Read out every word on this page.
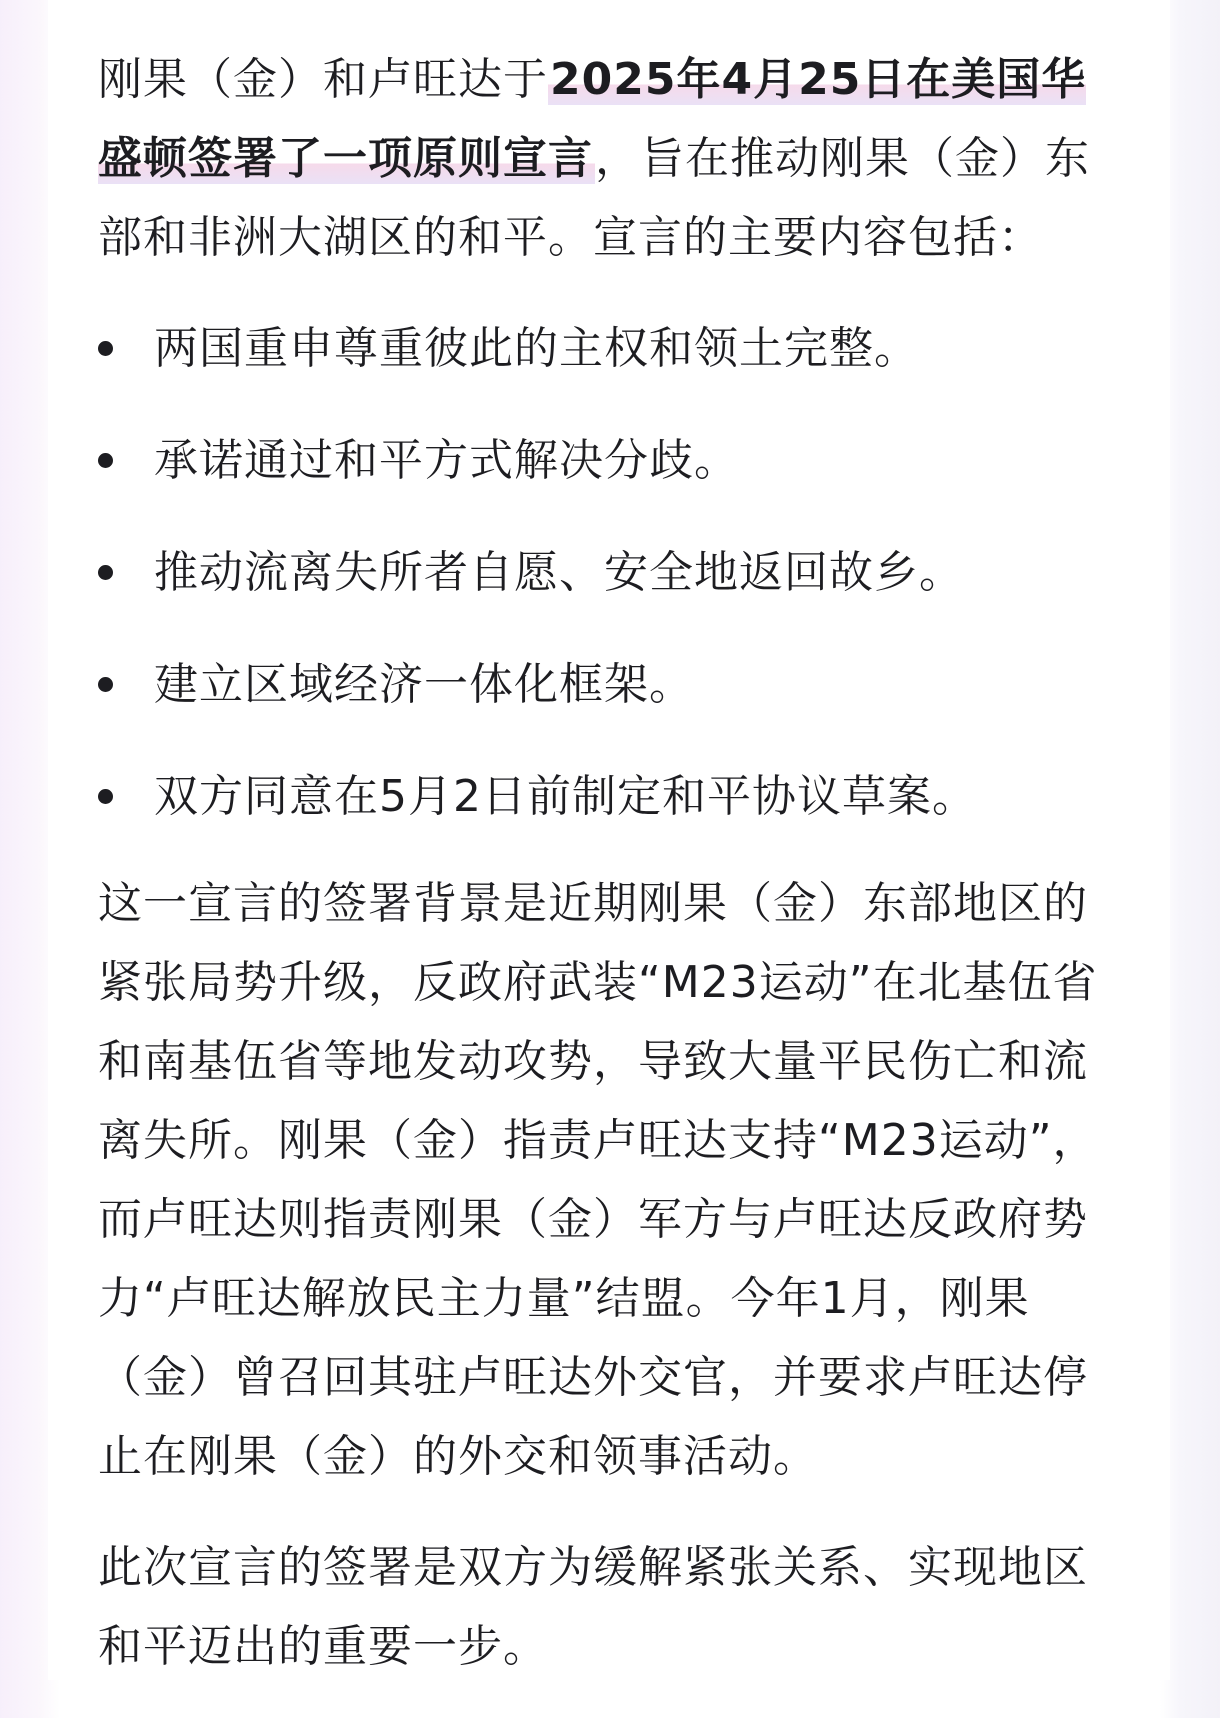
刚果（金）和卢旺达于2025年4月25日在美国华盛顿签署了一项原则宣言，旨在推动刚果（金）东部和非洲大湖区的和平。宣言的主要内容包括：

两国重申尊重彼此的主权和领土完整。
承诺通过和平方式解决分歧。
推动流离失所者自愿、安全地返回故乡。
建立区域经济一体化框架。
双方同意在5月2日前制定和平协议草案。

这一宣言的签署背景是近期刚果（金）东部地区的紧张局势升级，反政府武装“M23运动”在北基伍省和南基伍省等地发动攻势，导致大量平民伤亡和流离失所。刚果（金）指责卢旺达支持“M23运动”，而卢旺达则指责刚果（金）军方与卢旺达反政府势力“卢旺达解放民主力量”结盟。今年1月，刚果（金）曾召回其驻卢旺达外交官，并要求卢旺达停止在刚果（金）的外交和领事活动。

此次宣言的签署是双方为缓解紧张关系、实现地区和平迈出的重要一步。
